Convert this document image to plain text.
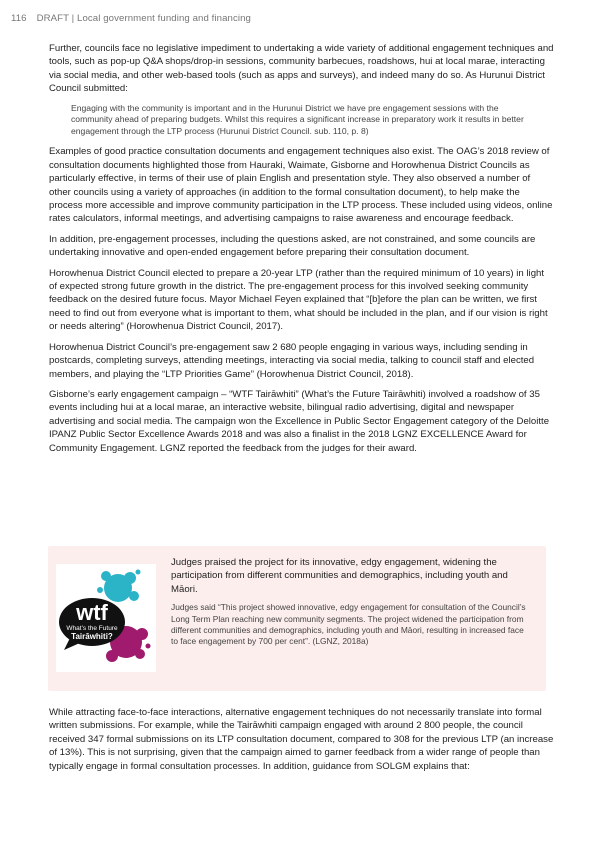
116 DRAFT | Local government funding and financing

Further, councils face no legislative impediment to undertaking a wide variety of additional engagement techniques and tools, such as pop-up Q&A shops/drop-in sessions, community barbecues, roadshows, hui at local marae, interacting via social media, and other web-based tools (such as apps and surveys), and indeed many do so. As Hurunui District Council submitted:

Engaging with the community is important and in the Hurunui District we have pre engagement sessions with the community ahead of preparing budgets. Whilst this requires a significant increase in preparatory work it results in better engagement through the LTP process (Hurunui District Council. sub. 110, p. 8)

Examples of good practice consultation documents and engagement techniques also exist. The OAG’s 2018 review of consultation documents highlighted those from Hauraki, Waimate, Gisborne and Horowhenua District Councils as particularly effective, in terms of their use of plain English and presentation style. They also observed a number of other councils using a variety of approaches (in addition to the formal consultation document), to help make the process more accessible and improve community participation in the LTP process. These included using videos, online rates calculators, informal meetings, and advertising campaigns to raise awareness and encourage feedback.

In addition, pre-engagement processes, including the questions asked, are not constrained, and some councils are undertaking innovative and open-ended engagement before preparing their consultation document.

Horowhenua District Council elected to prepare a 20-year LTP (rather than the required minimum of 10 years) in light of expected strong future growth in the district. The pre-engagement process for this involved seeking community feedback on the desired future focus. Mayor Michael Feyen explained that “[b]efore the plan can be written, we first need to find out from everyone what is important to them, what should be included in the plan, and if our vision is right or needs altering” (Horowhenua District Council, 2017).

Horowhenua District Council’s pre-engagement saw 2 680 people engaging in various ways, including sending in postcards, completing surveys, attending meetings, interacting via social media, talking to council staff and elected members, and playing the “LTP Priorities Game” (Horowhenua District Council, 2018).

Gisborne’s early engagement campaign – “WTF Tairāwhiti” (What’s the Future Tairāwhiti) involved a roadshow of 35 events including hui at a local marae, an interactive website, bilingual radio advertising, digital and newspaper advertising and social media. The campaign won the Excellence in Public Sector Engagement category of the Deloitte IPANZ Public Sector Excellence Awards 2018 and was also a finalist in the 2018 LGNZ EXCELLENCE Award for Community Engagement. LGNZ reported the feedback from the judges for their award.

wtf
What’s the Future
Tairāwhiti?

Judges praised the project for its innovative, edgy engagement, widening the participation from different communities and demographics, including youth and Māori.

Judges said “This project showed innovative, edgy engagement for consultation of the Council’s Long Term Plan reaching new community segments. The project widened the participation from different communities and demographics, including youth and Māori, resulting in increased face to face engagement by 700 per cent”. (LGNZ, 2018a)

While attracting face-to-face interactions, alternative engagement techniques do not necessarily translate into formal written submissions. For example, while the Tairāwhiti campaign engaged with around 2 800 people, the council received 347 formal submissions on its LTP consultation document, compared to 308 for the previous LTP (an increase of 13%). This is not surprising, given that the campaign aimed to garner feedback from a wider range of people than typically engage in formal consultation processes. In addition, guidance from SOLGM explains that:
